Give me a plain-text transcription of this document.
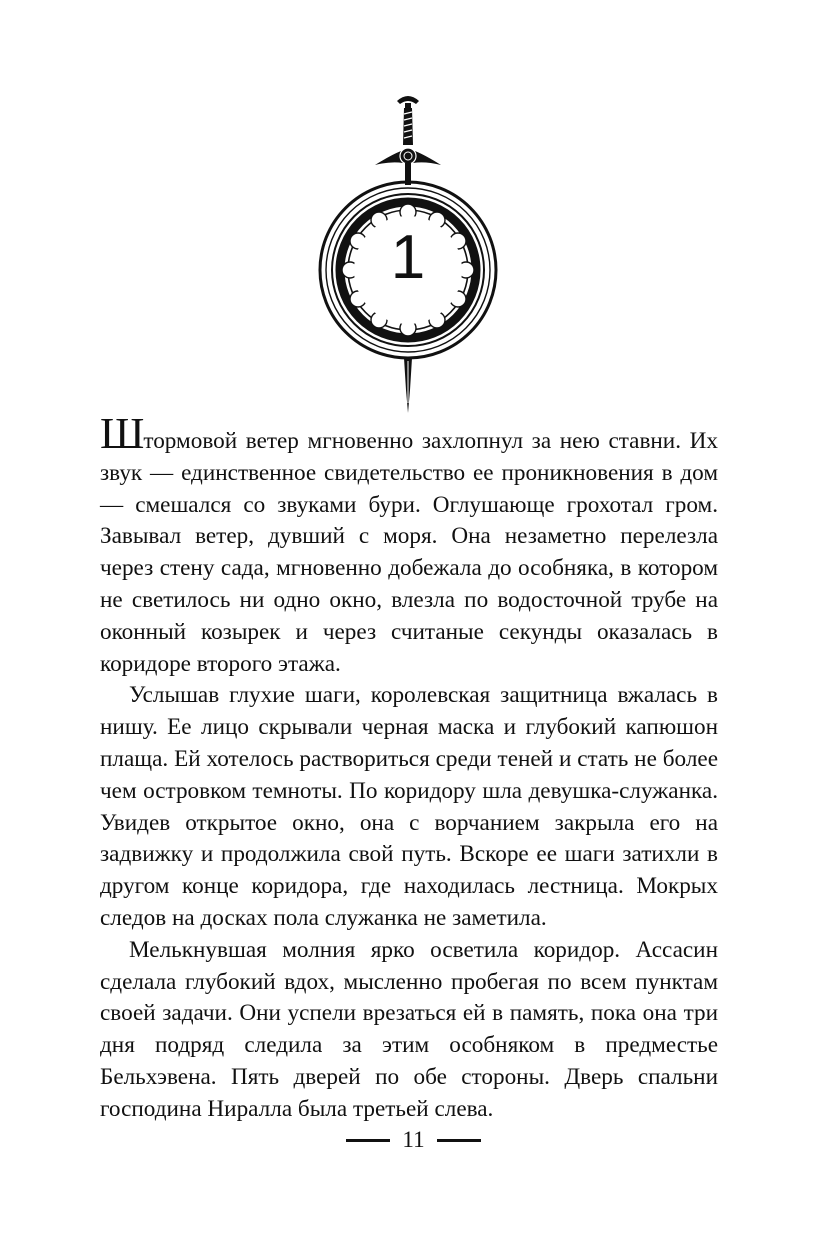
1

Штормовой ветер мгновенно захлопнул за нею ставни. Их звук — единственное свидетельство ее проникновения в дом — смешался со звуками бури. Оглушающе грохотал гром. Завывал ветер, дувший с моря. Она незаметно перелезла через стену сада, мгновенно добежала до особняка, в котором не светилось ни одно окно, влезла по водосточной трубе на оконный козырек и через считаные секунды оказалась в коридоре второго этажа.

Услышав глухие шаги, королевская защитница вжалась в нишу. Ее лицо скрывали черная маска и глубокий капюшон плаща. Ей хотелось раствориться среди теней и стать не более чем островком темноты. По коридору шла девушка-служанка. Увидев открытое окно, она с ворчанием закрыла его на задвижку и продолжила свой путь. Вскоре ее шаги затихли в другом конце коридора, где находилась лестница. Мокрых следов на досках пола служанка не заметила.

Мелькнувшая молния ярко осветила коридор. Ассасин сделала глубокий вдох, мысленно пробегая по всем пунктам своей задачи. Они успели врезаться ей в память, пока она три дня подряд следила за этим особняком в предместье Бельхэвена. Пять дверей по обе стороны. Дверь спальни господина Ниралла была третьей слева.

11
